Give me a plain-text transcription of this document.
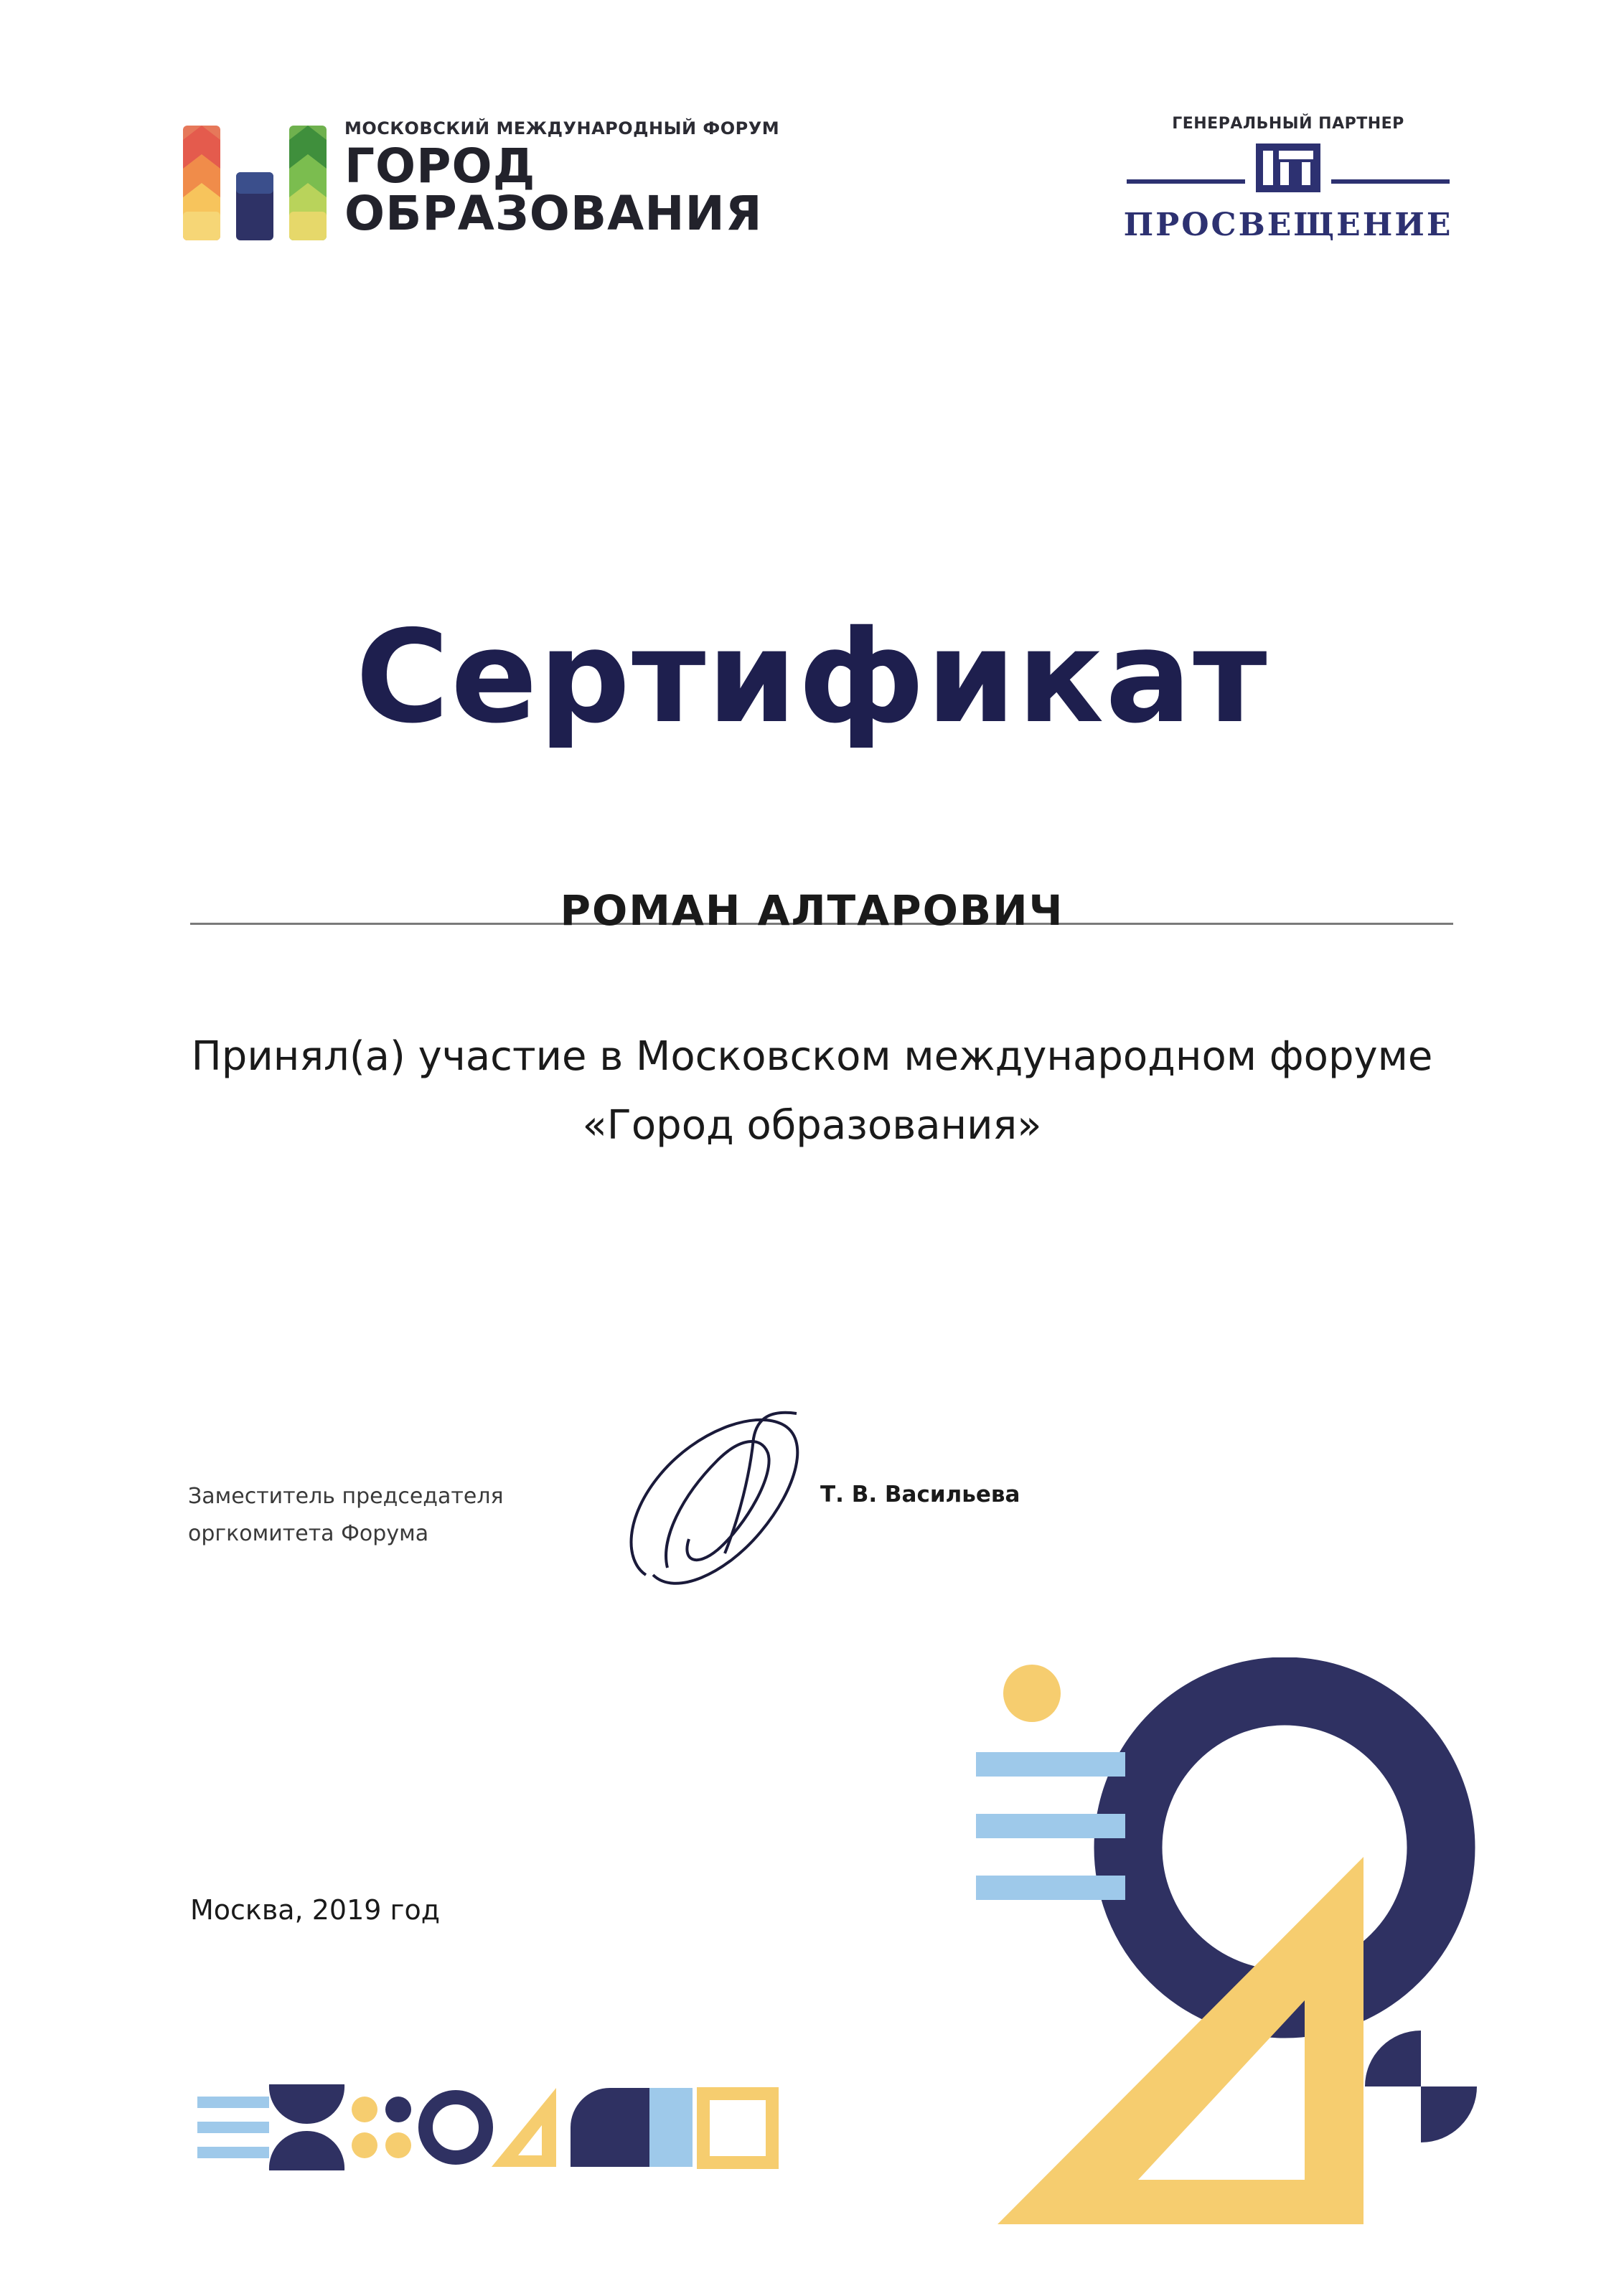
МОСКОВСКИЙ МЕЖДУНАРОДНЫЙ ФОРУМ
ГОРОД
ОБРАЗОВАНИЯ
ГЕНЕРАЛЬНЫЙ ПАРТНЕР
ПРОСВЕЩЕНИЕ
Сертификат
РОМАН АЛТАРОВИЧ
Принял(а) участие в Московском международном форуме
«Город образования»
Заместитель председателя
оргкомитета Форума
Т. В. Васильева
Москва, 2019 год
